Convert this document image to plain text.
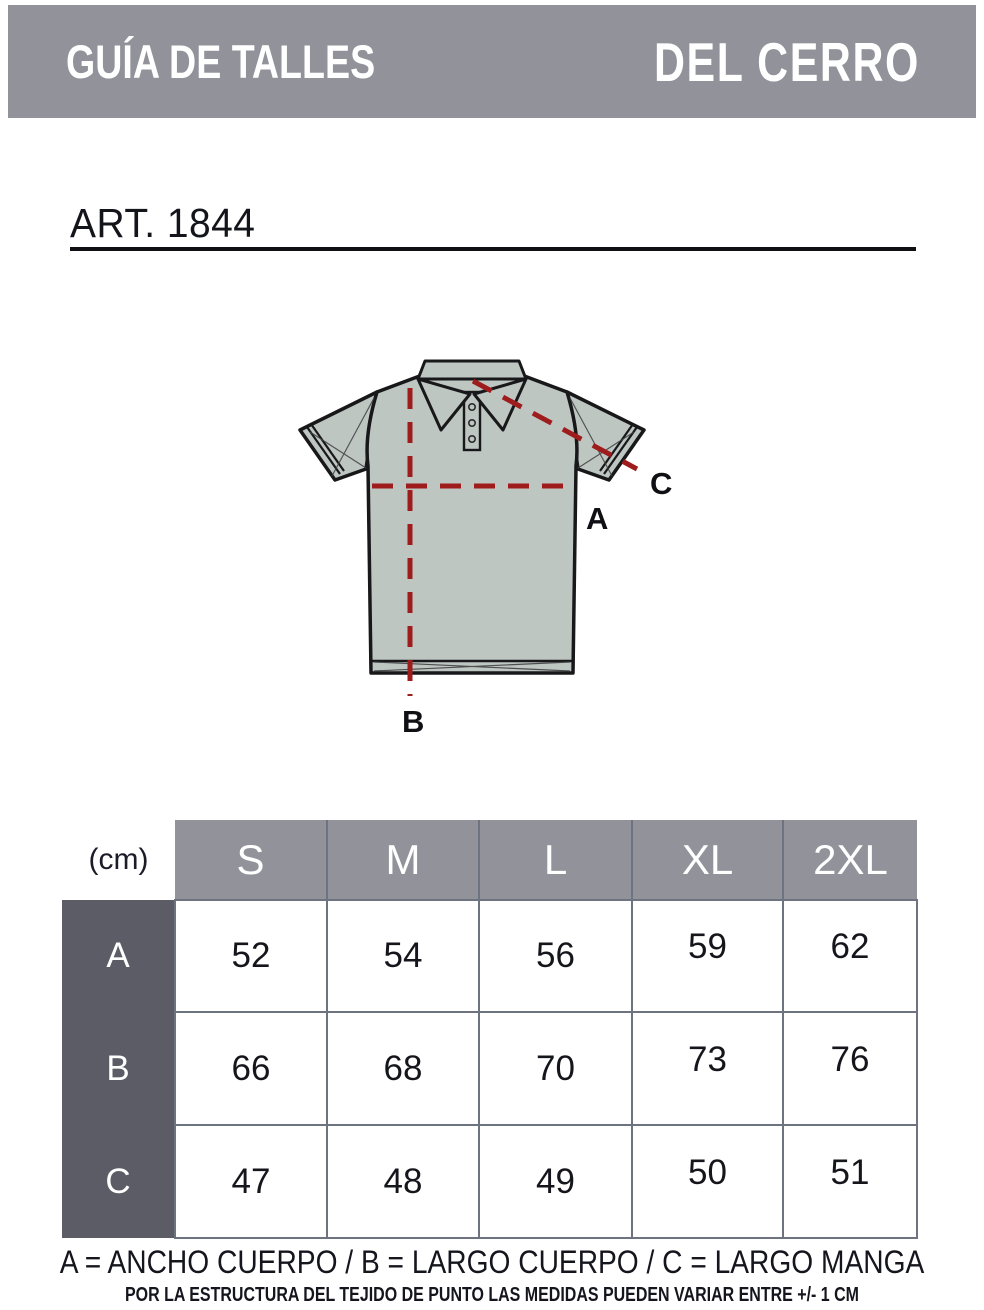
GUÍA DE TALLES	DEL CERRO
ART. 1844
A
B
C
(cm)	S	M	L	XL	2XL
A	52	54	56	59	62
B	66	68	70	73	76
C	47	48	49	50	51
A = ANCHO CUERPO / B = LARGO CUERPO / C = LARGO MANGA
POR LA ESTRUCTURA DEL TEJIDO DE PUNTO LAS MEDIDAS PUEDEN VARIAR ENTRE +/- 1 CM
